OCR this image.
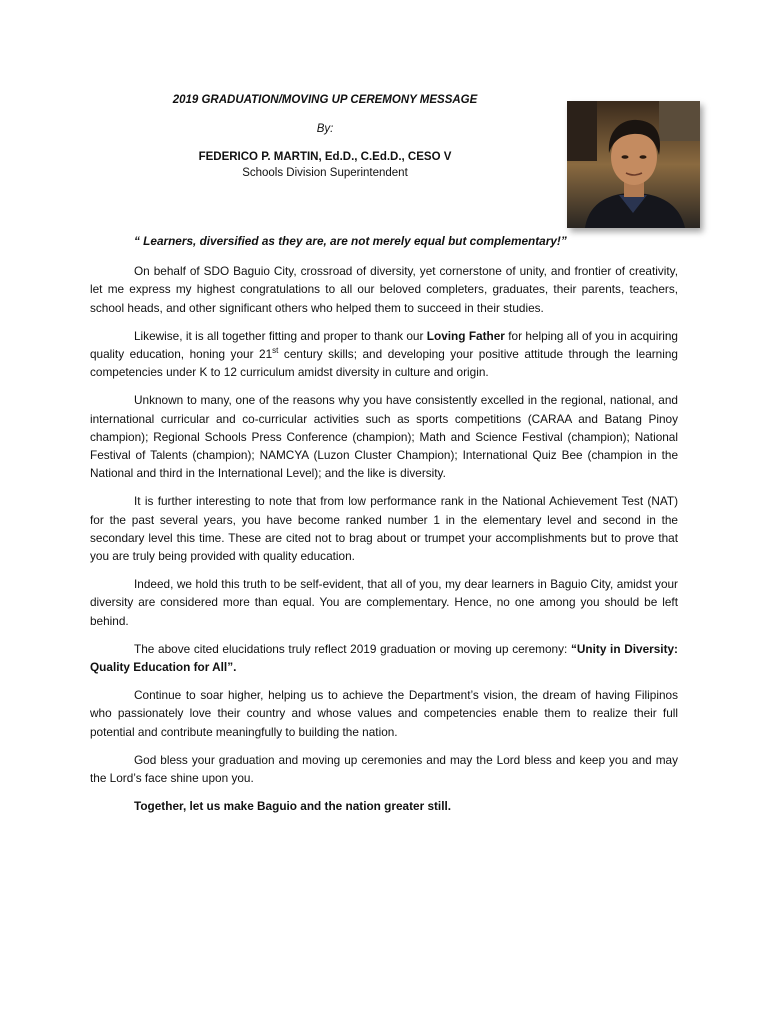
2019 GRADUATION/MOVING UP CEREMONY MESSAGE
By:
FEDERICO P. MARTIN, Ed.D., C.Ed.D., CESO V
Schools Division Superintendent
“ Learners, diversified as they are, are not merely equal but complementary!”

On behalf of SDO Baguio City, crossroad of diversity, yet cornerstone of unity, and frontier of creativity, let me express my highest congratulations to all our beloved completers, graduates, their parents, teachers, school heads, and other significant others who helped them to succeed in their studies.

Likewise, it is all together fitting and proper to thank our Loving Father for helping all of you in acquiring quality education, honing your 21st century skills; and developing your positive attitude through the learning competencies under K to 12 curriculum amidst diversity in culture and origin.

Unknown to many, one of the reasons why you have consistently excelled in the regional, national, and international curricular and co-curricular activities such as sports competitions (CARAA and Batang Pinoy champion); Regional Schools Press Conference (champion); Math and Science Festival (champion); National Festival of Talents (champion); NAMCYA (Luzon Cluster Champion); International Quiz Bee (champion in the National and third in the International Level); and the like is diversity.

It is further interesting to note that from low performance rank in the National Achievement Test (NAT) for the past several years, you have become ranked number 1 in the elementary level and second in the secondary level this time. These are cited not to brag about or trumpet your accomplishments but to prove that you are truly being provided with quality education.

Indeed, we hold this truth to be self-evident, that all of you, my dear learners in Baguio City, amidst your diversity are considered more than equal. You are complementary. Hence, no one among you should be left behind.

The above cited elucidations truly reflect 2019 graduation or moving up ceremony: “Unity in Diversity: Quality Education for All”.

Continue to soar higher, helping us to achieve the Department’s vision, the dream of having Filipinos who passionately love their country and whose values and competencies enable them to realize their full potential and contribute meaningfully to building the nation.

God bless your graduation and moving up ceremonies and may the Lord bless and keep you and may the Lord’s face shine upon you.

Together, let us make Baguio and the nation greater still.
